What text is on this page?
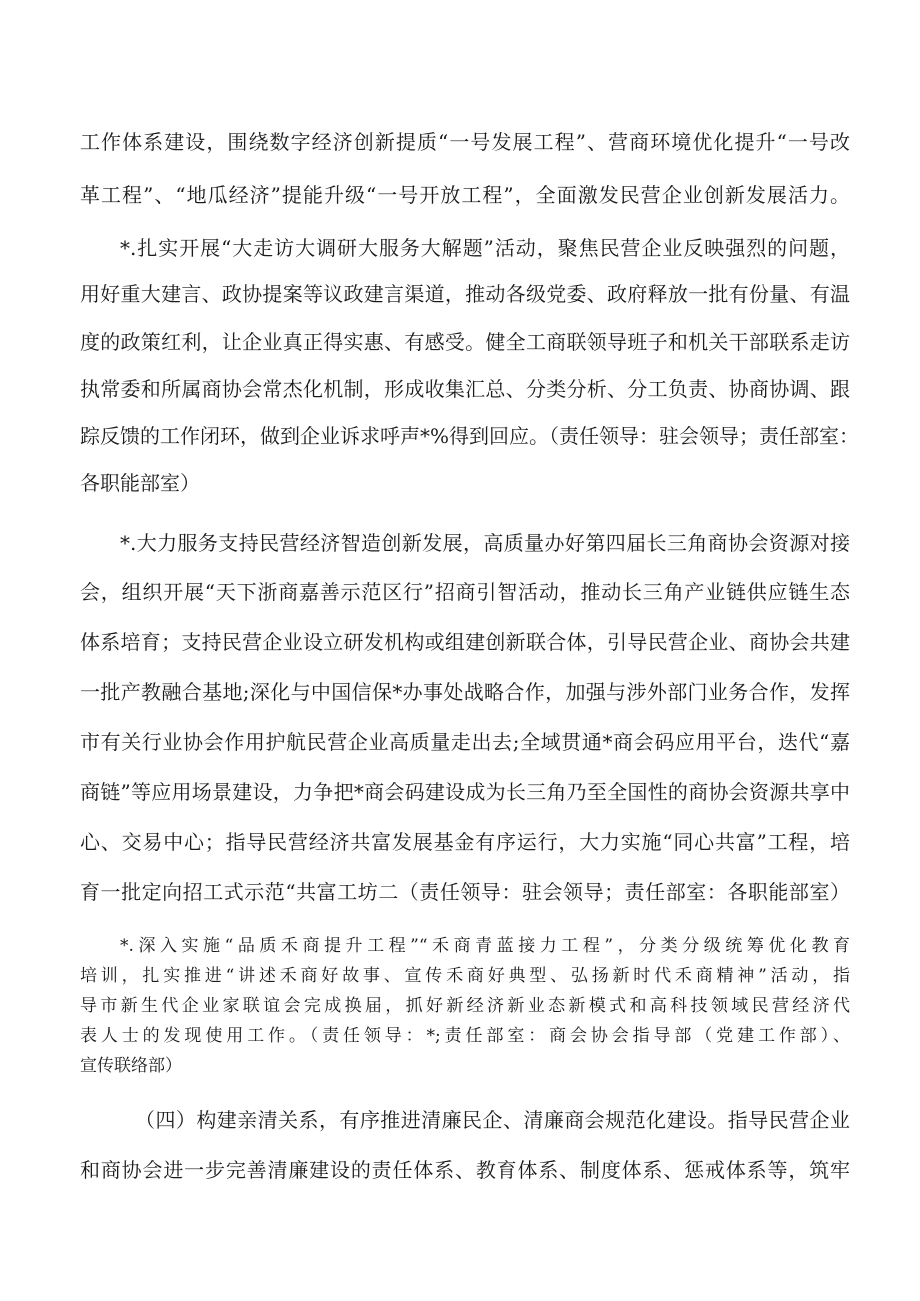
工作体系建设，围绕数字经济创新提质“一号发展工程”、营商环境优化提升“一号改
革工程”、“地瓜经济”提能升级“一号开放工程”，全面激发民营企业创新发展活力。
*.扎实开展“大走访大调研大服务大解题”活动，聚焦民营企业反映强烈的问题，
用好重大建言、政协提案等议政建言渠道，推动各级党委、政府释放一批有份量、有温
度的政策红利，让企业真正得实惠、有感受。健全工商联领导班子和机关干部联系走访
执常委和所属商协会常杰化机制，形成收集汇总、分类分析、分工负责、协商协调、跟
踪反馈的工作闭环，做到企业诉求呼声*%得到回应。（责任领导：驻会领导；责任部室：
各职能部室）
*.大力服务支持民营经济智造创新发展，高质量办好第四届长三角商协会资源对接
会，组织开展“天下浙商嘉善示范区行”招商引智活动，推动长三角产业链供应链生态
体系培育；支持民营企业设立研发机构或组建创新联合体，引导民营企业、商协会共建
一批产教融合基地;深化与中国信保*办事处战略合作，加强与涉外部门业务合作，发挥
市有关行业协会作用护航民营企业高质量走出去;全域贯通*商会码应用平台，迭代“嘉
商链”等应用场景建设，力争把*商会码建设成为长三角乃至全国性的商协会资源共享中
心、交易中心；指导民营经济共富发展基金有序运行，大力实施“同心共富”工程，培
育一批定向招工式示范“共富工坊二（责任领导：驻会领导；责任部室：各职能部室）
*.深入实施“品质禾商提升工程”“禾商青蓝接力工程”，分类分级统筹优化教育
培训，扎实推进“讲述禾商好故事、宣传禾商好典型、弘扬新时代禾商精神”活动，指
导市新生代企业家联谊会完成换届，抓好新经济新业态新模式和高科技领域民营经济代
表人士的发现使用工作。（责任领导：*;责任部室：商会协会指导部（党建工作部）、
宣传联络部）
（四）构建亲清关系，有序推进清廉民企、清廉商会规范化建设。指导民营企业
和商协会进一步完善清廉建设的责任体系、教育体系、制度体系、惩戒体系等，筑牢
